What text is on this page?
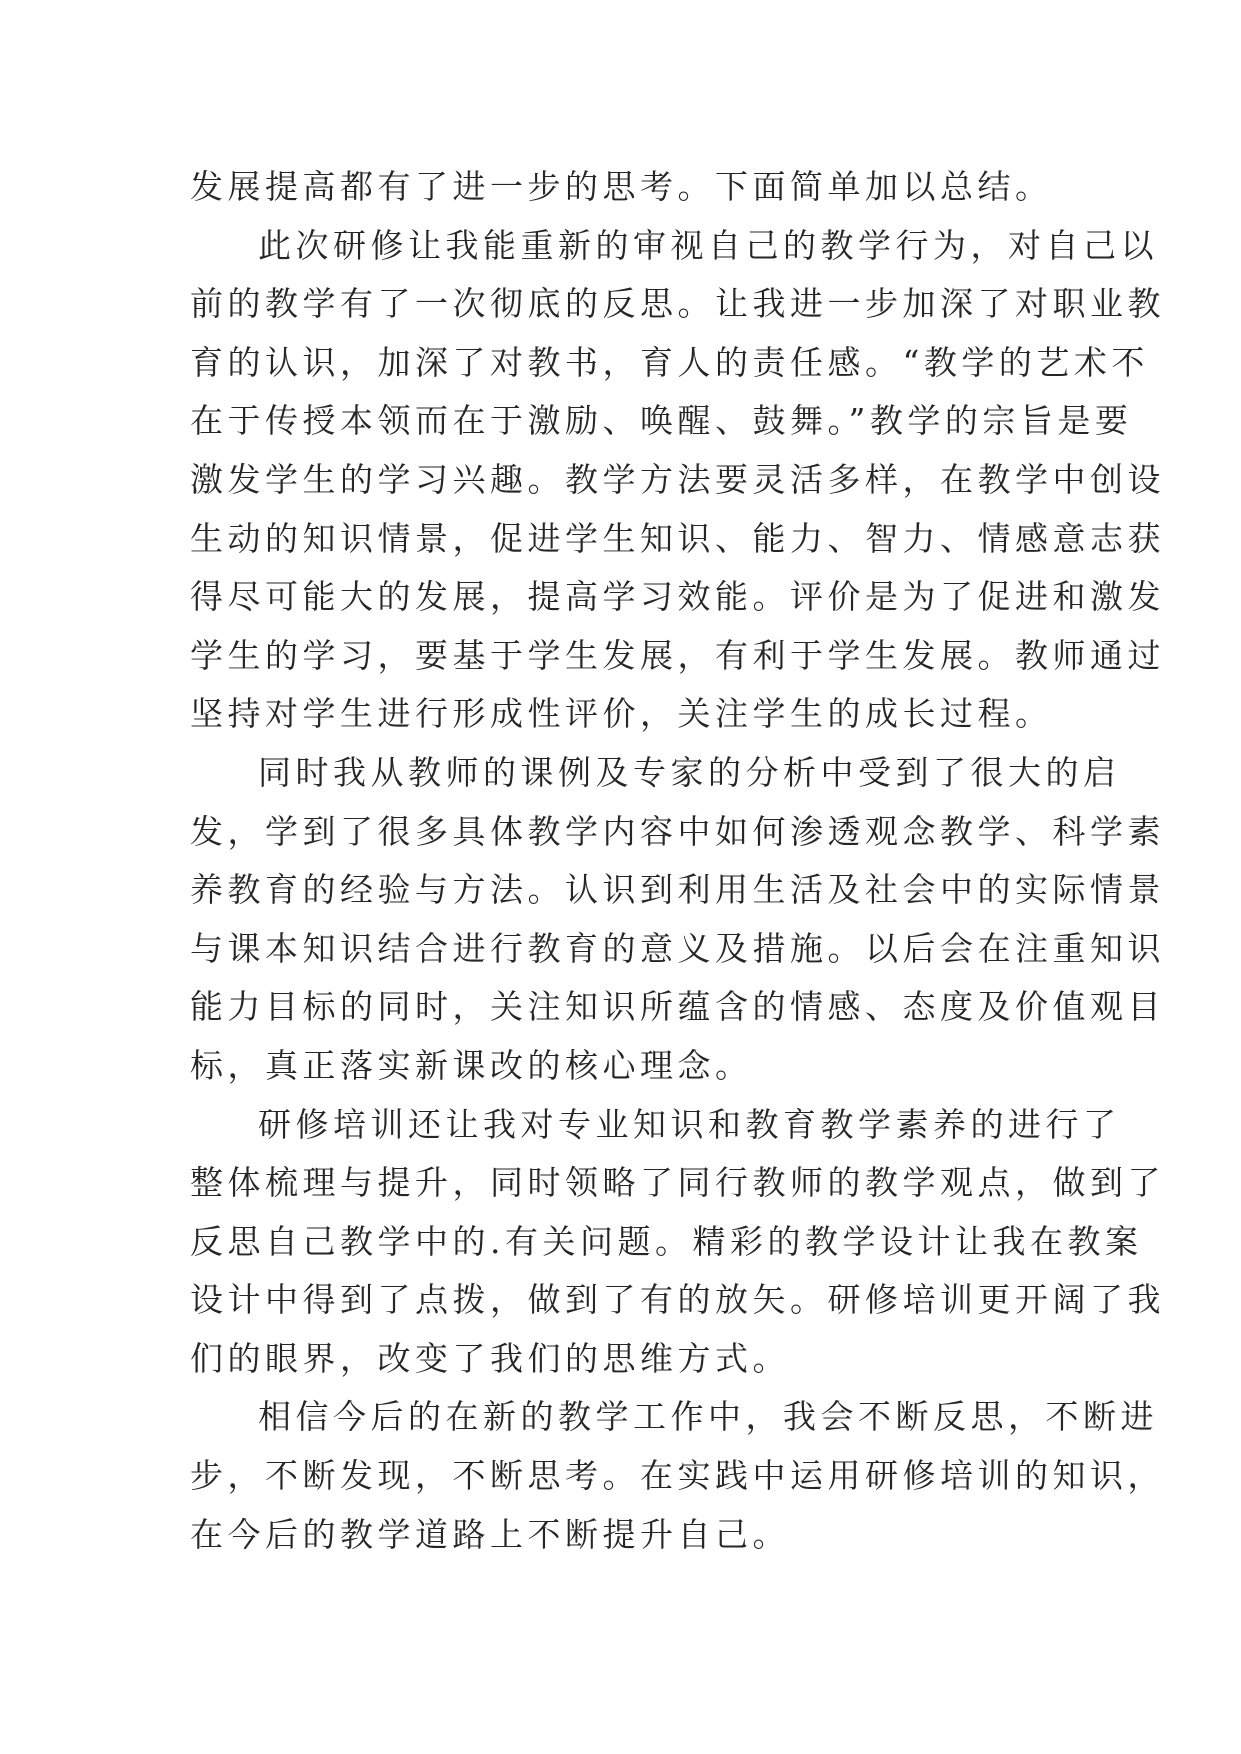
发展提高都有了进一步的思考。下面简单加以总结。
此次研修让我能重新的审视自己的教学行为，对自己以
前的教学有了一次彻底的反思。让我进一步加深了对职业教
育的认识，加深了对教书，育人的责任感。“教学的艺术不
在于传授本领而在于激励、唤醒、鼓舞。”教学的宗旨是要
激发学生的学习兴趣。教学方法要灵活多样，在教学中创设
生动的知识情景，促进学生知识、能力、智力、情感意志获
得尽可能大的发展，提高学习效能。评价是为了促进和激发
学生的学习，要基于学生发展，有利于学生发展。教师通过
坚持对学生进行形成性评价，关注学生的成长过程。
同时我从教师的课例及专家的分析中受到了很大的启
发，学到了很多具体教学内容中如何渗透观念教学、科学素
养教育的经验与方法。认识到利用生活及社会中的实际情景
与课本知识结合进行教育的意义及措施。以后会在注重知识
能力目标的同时，关注知识所蕴含的情感、态度及价值观目
标，真正落实新课改的核心理念。
研修培训还让我对专业知识和教育教学素养的进行了
整体梳理与提升，同时领略了同行教师的教学观点，做到了
反思自己教学中的.有关问题。精彩的教学设计让我在教案
设计中得到了点拨，做到了有的放矢。研修培训更开阔了我
们的眼界，改变了我们的思维方式。
相信今后的在新的教学工作中，我会不断反思，不断进
步，不断发现，不断思考。在实践中运用研修培训的知识，
在今后的教学道路上不断提升自己。
